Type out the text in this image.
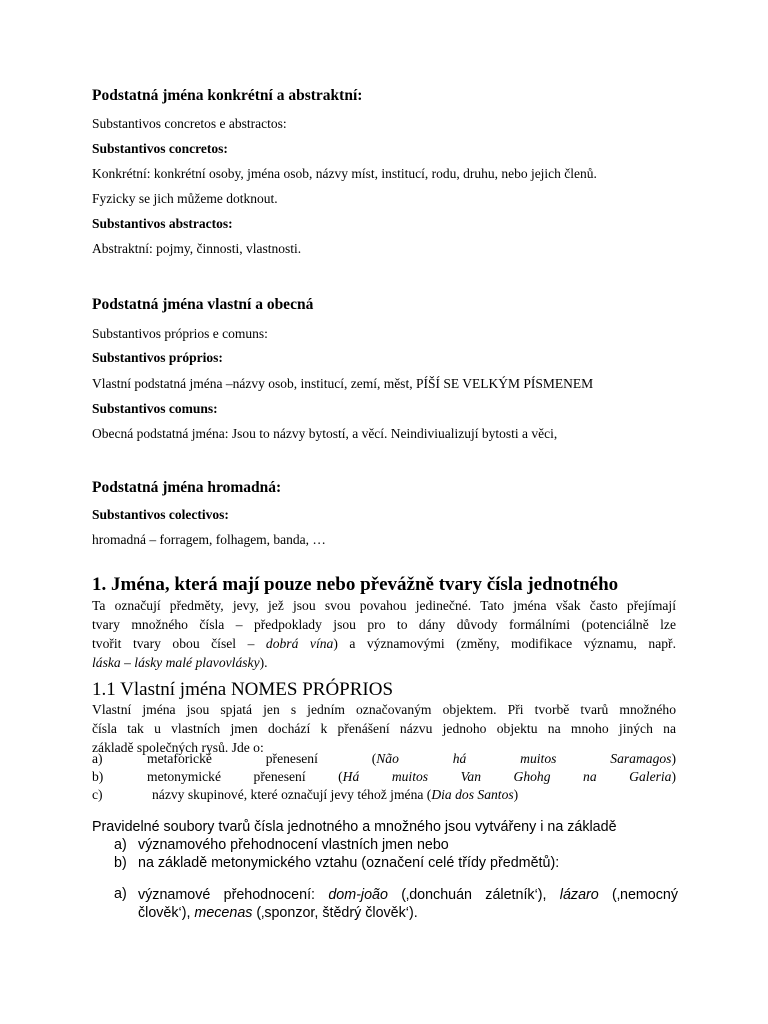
Podstatná jména konkrétní a abstraktní:
Substantivos concretos e abstractos:
Substantivos concretos:
Konkrétní: konkrétní osoby, jména osob, názvy míst, institucí, rodu, druhu, nebo jejich členů.
Fyzicky se jich můžeme dotknout.
Substantivos abstractos:
Abstraktní: pojmy, činnosti, vlastnosti.
Podstatná jména vlastní a obecná
Substantivos próprios e comuns:
Substantivos próprios:
Vlastní podstatná jména –názvy osob, institucí, zemí, měst, PÍŠÍ SE VELKÝM PÍSMENEM
Substantivos comuns:
Obecná podstatná jména: Jsou to názvy bytostí, a věcí. Neindiviualizují bytosti a věci,
Podstatná jména hromadná:
Substantivos colectivos:
hromadná – forragem, folhagem, banda, …
1. Jména, která mají pouze nebo převážně tvary čísla jednotného
Ta označují předměty, jevy, jež jsou svou povahou jedinečné. Tato jména však často přejímají
tvary množného čísla – předpoklady jsou pro to dány důvody formálními (potenciálně lze
tvořit tvary obou čísel – dobrá vína) a významovými (změny, modifikace významu, např.
láska – lásky malé plavovlásky).
1.1 Vlastní jména NOMES PRÓPRIOS
Vlastní jména jsou spjatá jen s jedním označovaným objektem. Při tvorbě tvarů množného
čísla tak u vlastních jmen dochází k přenášení názvu jednoho objektu na mnoho jiných na
základě společných rysů. Jde o:
a)	metaforické přenesení (Não há muitos Saramagos)
b)	metonymické přenesení (Há muitos Van Ghohg na Galeria)
c)	názvy skupinové, které označují jevy téhož jména (Dia dos Santos)
Pravidelné soubory tvarů čísla jednotného a množného jsou vytvářeny i na základě
a) významového přehodnocení vlastních jmen nebo
b) na základě metonymického vztahu (označení celé třídy předmětů):
a) významové přehodnocení: dom-joão (‚donchuán záletník‘), lázaro (‚nemocný
člověk‘), mecenas (‚sponzor, štědrý člověk‘).
